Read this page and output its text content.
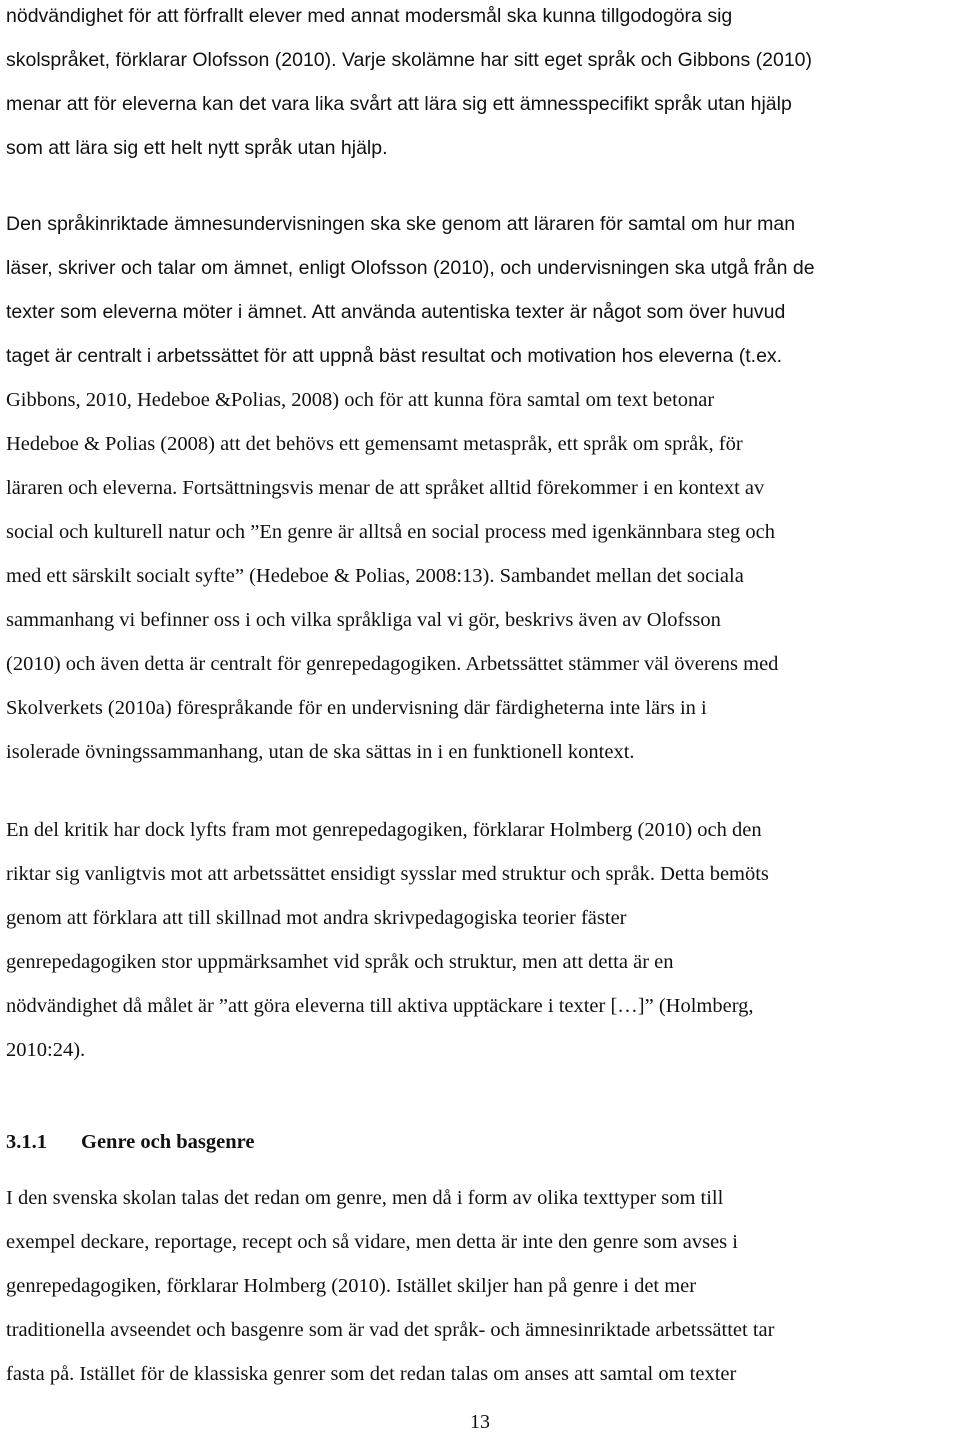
nödvändighet för att förfrallt elever med annat modersmål ska kunna tillgodogöra sig
skolspråket, förklarar Olofsson (2010). Varje skolämne har sitt eget språk och Gibbons (2010)
menar att för eleverna kan det vara lika svårt att lära sig ett ämnesspecifikt språk utan hjälp
som att lära sig ett helt nytt språk utan hjälp.
Den språkinriktade ämnesundervisningen ska ske genom att läraren för samtal om hur man
läser, skriver och talar om ämnet, enligt Olofsson (2010), och undervisningen ska utgå från de
texter som eleverna möter i ämnet. Att använda autentiska texter är något som över huvud
taget är centralt i arbetssättet för att uppnå bäst resultat och motivation hos eleverna (t.ex.
Gibbons, 2010, Hedeboe &Polias, 2008) och för att kunna föra samtal om text betonar
Hedeboe & Polias (2008) att det behövs ett gemensamt metaspråk, ett språk om språk, för
läraren och eleverna. Fortsättningsvis menar de att språket alltid förekommer i en kontext av
social och kulturell natur och ”En genre är alltså en social process med igenkännbara steg och
med ett särskilt socialt syfte” (Hedeboe & Polias, 2008:13). Sambandet mellan det sociala
sammanhang vi befinner oss i och vilka språkliga val vi gör, beskrivs även av Olofsson
(2010) och även detta är centralt för genrepedagogiken. Arbetssättet stämmer väl överens med
Skolverkets (2010a) förespråkande för en undervisning där färdigheterna inte lärs in i
isolerade övningssammanhang, utan de ska sättas in i en funktionell kontext.
En del kritik har dock lyfts fram mot genrepedagogiken, förklarar Holmberg (2010) och den
riktar sig vanligtvis mot att arbetssättet ensidigt sysslar med struktur och språk. Detta bemöts
genom att förklara att till skillnad mot andra skrivpedagogiska teorier fäster
genrepedagogiken stor uppmärksamhet vid språk och struktur, men att detta är en
nödvändighet då målet är ”att göra eleverna till aktiva upptäckare i texter […]” (Holmberg,
2010:24).
3.1.1 Genre och basgenre
I den svenska skolan talas det redan om genre, men då i form av olika texttyper som till
exempel deckare, reportage, recept och så vidare, men detta är inte den genre som avses i
genrepedagogiken, förklarar Holmberg (2010). Istället skiljer han på genre i det mer
traditionella avseendet och basgenre som är vad det språk- och ämnesinriktade arbetssättet tar
fasta på. Istället för de klassiska genrer som det redan talas om anses att samtal om texter
13
